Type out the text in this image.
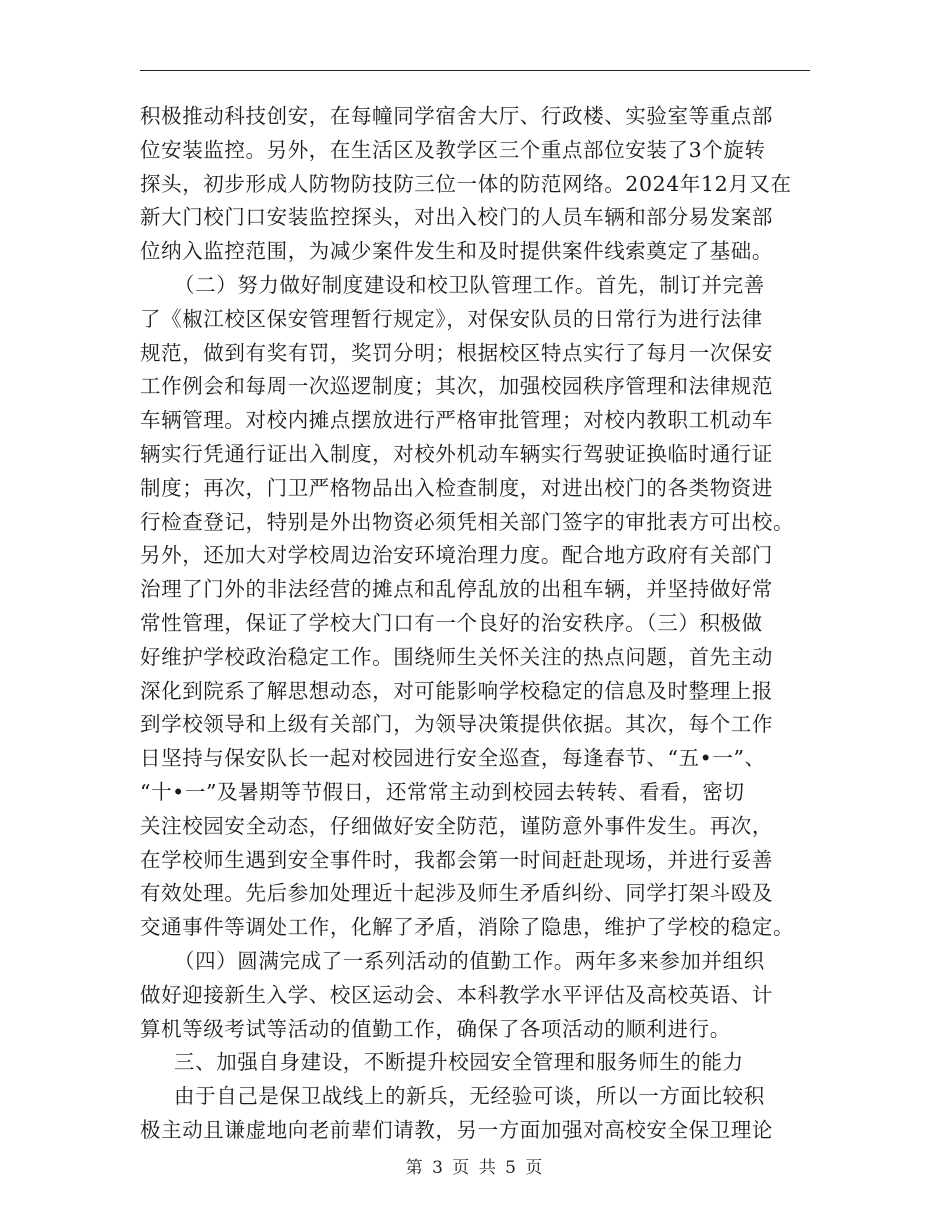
积极推动科技创安，在每幢同学宿舍大厅、行政楼、实验室等重点部
位安装监控。另外，在生活区及教学区三个重点部位安装了3个旋转
探头，初步形成人防物防技防三位一体的防范网络。2024年12月又在
新大门校门口安装监控探头，对出入校门的人员车辆和部分易发案部
位纳入监控范围，为减少案件发生和及时提供案件线索奠定了基础。
（二）努力做好制度建设和校卫队管理工作。首先，制订并完善
了《椒江校区保安管理暂行规定》，对保安队员的日常行为进行法律
规范，做到有奖有罚，奖罚分明；根据校区特点实行了每月一次保安
工作例会和每周一次巡逻制度；其次，加强校园秩序管理和法律规范
车辆管理。对校内摊点摆放进行严格审批管理；对校内教职工机动车
辆实行凭通行证出入制度，对校外机动车辆实行驾驶证换临时通行证
制度；再次，门卫严格物品出入检查制度，对进出校门的各类物资进
行检查登记，特别是外出物资必须凭相关部门签字的审批表方可出校。
另外，还加大对学校周边治安环境治理力度。配合地方政府有关部门
治理了门外的非法经营的摊点和乱停乱放的出租车辆，并坚持做好常
常性管理，保证了学校大门口有一个良好的治安秩序。（三）积极做
好维护学校政治稳定工作。围绕师生关怀关注的热点问题，首先主动
深化到院系了解思想动态，对可能影响学校稳定的信息及时整理上报
到学校领导和上级有关部门，为领导决策提供依据。其次，每个工作
日坚持与保安队长一起对校园进行安全巡查，每逢春节、“五•一”、
“十•一”及暑期等节假日，还常常主动到校园去转转、看看，密切
关注校园安全动态，仔细做好安全防范，谨防意外事件发生。再次，
在学校师生遇到安全事件时，我都会第一时间赶赴现场，并进行妥善
有效处理。先后参加处理近十起涉及师生矛盾纠纷、同学打架斗殴及
交通事件等调处工作，化解了矛盾，消除了隐患，维护了学校的稳定。
（四）圆满完成了一系列活动的值勤工作。两年多来参加并组织
做好迎接新生入学、校区运动会、本科教学水平评估及高校英语、计
算机等级考试等活动的值勤工作，确保了各项活动的顺利进行。
三、加强自身建设，不断提升校园安全管理和服务师生的能力
由于自己是保卫战线上的新兵，无经验可谈，所以一方面比较积
极主动且谦虚地向老前辈们请教，另一方面加强对高校安全保卫理论
第 3 页 共 5 页
